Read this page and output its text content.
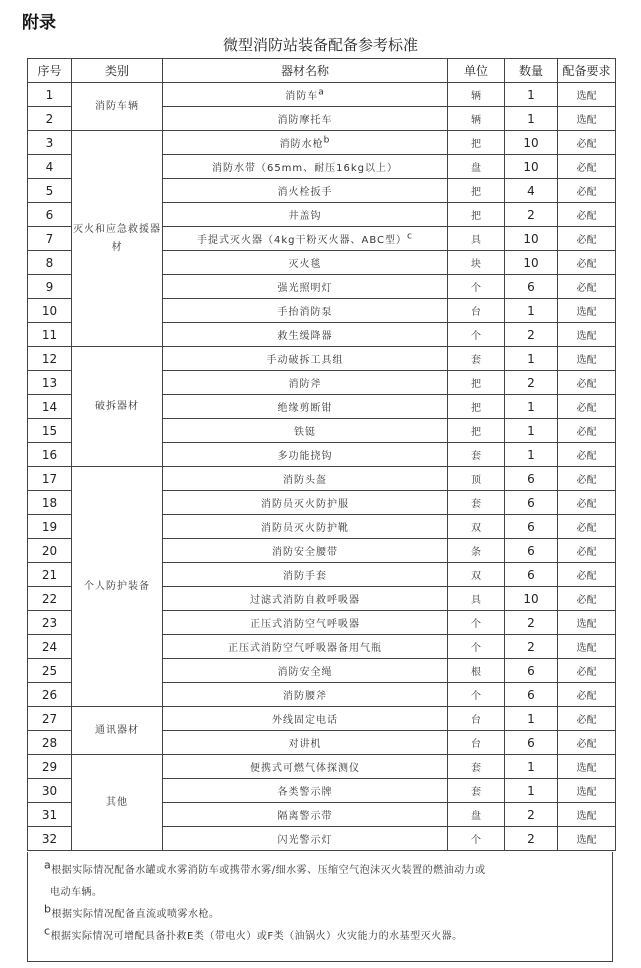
附录
微型消防站装备配备参考标准
序号	类别	器材名称	单位	数量	配备要求
1	消防车辆	消防车$^a$	辆	1	选配
2		消防摩托车	辆	1	选配
3	灭火和应急救援器材	消防水枪$^b$	把	10	必配
4		消防水带（65mm、耐压16kg以上）	盘	10	必配
5		消火栓扳手	把	4	必配
6		井盖钩	把	2	必配
7		手提式灭火器（4kg干粉灭火器、ABC型）$^c$	具	10	必配
8		灭火毯	块	10	必配
9		强光照明灯	个	6	必配
10		手抬消防泵	台	1	选配
11		救生缓降器	个	2	选配
12	破拆器材	手动破拆工具组	套	1	选配
13		消防斧	把	2	必配
14		绝缘剪断钳	把	1	必配
15		铁铤	把	1	必配
16		多功能挠钩	套	1	必配
17	个人防护装备	消防头盔	顶	6	必配
18		消防员灭火防护服	套	6	必配
19		消防员灭火防护靴	双	6	必配
20		消防安全腰带	条	6	必配
21		消防手套	双	6	必配
22		过滤式消防自救呼吸器	具	10	必配
23		正压式消防空气呼吸器	个	2	选配
24		正压式消防空气呼吸器备用气瓶	个	2	选配
25		消防安全绳	根	6	必配
26		消防腰斧	个	6	必配
27	通讯器材	外线固定电话	台	1	必配
28		对讲机	台	6	必配
29	其他	便携式可燃气体探测仪	套	1	选配
30		各类警示牌	套	1	选配
31		隔离警示带	盘	2	选配
32		闪光警示灯	个	2	选配
$^a$根据实际情况配备水罐或水雾消防车或携带水雾/细水雾、压缩空气泡沫灭火装置的燃油动力或
电动车辆。
$^b$根据实际情况配备直流或喷雾水枪。
$^c$根据实际情况可增配具备扑救E类（带电火）或F类（油锅火）火灾能力的水基型灭火器。
